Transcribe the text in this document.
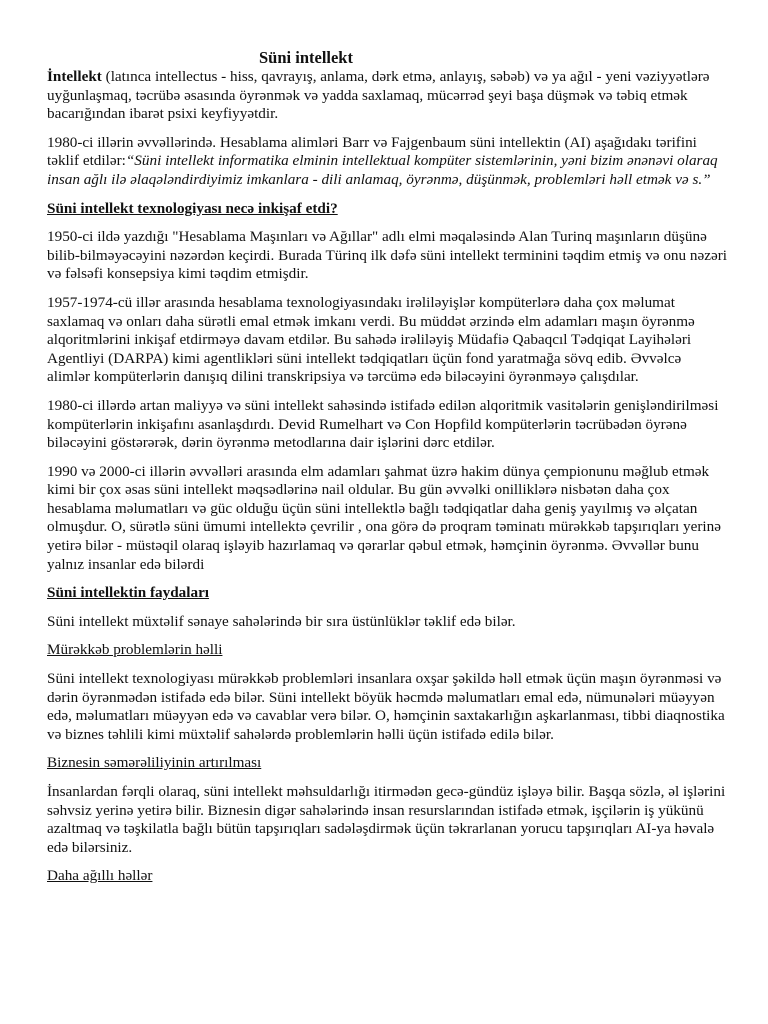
Süni intellekt

İntellekt (latınca intellectus - hiss, qavrayış, anlama, dərk etmə, anlayış, səbəb) və ya ağıl - yeni vəziyyətlərə uyğunlaşmaq, təcrübə əsasında öyrənmək və yadda saxlamaq, mücərrəd şeyi başa düşmək və təbiq etmək bacarığından ibarət psixi keyfiyyətdir.

1980-ci illərin əvvəllərində. Hesablama alimləri Barr və Fajgenbaum süni intellektin (AI) aşağıdakı tərifini təklif etdilər:“Süni intellekt informatika elminin intellektual kompüter sistemlərinin, yəni bizim ənənəvi olaraq insan ağlı ilə əlaqələndirdiyimiz imkanlara - dili anlamaq, öyrənmə, düşünmək, problemləri həll etmək və s.”

Süni intellekt texnologiyası necə inkişaf etdi?

1950-ci ildə yazdığı "Hesablama Maşınları və Ağıllar" adlı elmi məqaləsində Alan Turinq maşınların düşünə bilib-bilməyəcəyini nəzərdən keçirdi. Burada Türinq ilk dəfə süni intellekt terminini təqdim etmiş və onu nəzəri və fəlsəfi konsepsiya kimi təqdim etmişdir.

1957-1974-cü illər arasında hesablama texnologiyasındakı irəliləyişlər kompüterlərə daha çox məlumat saxlamaq və onları daha sürətli emal etmək imkanı verdi. Bu müddət ərzində elm adamları maşın öyrənmə alqoritmlərini inkişaf etdirməyə davam etdilər. Bu sahədə irəliləyiş Müdafiə Qabaqcıl Tədqiqat Layihələri Agentliyi (DARPA) kimi agentlikləri süni intellekt tədqiqatları üçün fond yaratmağa sövq edib. Əvvəlcə alimlər kompüterlərin danışıq dilini transkripsiya və tərcümə edə biləcəyini öyrənməyə çalışdılar.

1980-ci illərdə artan maliyyə və süni intellekt sahəsində istifadə edilən alqoritmik vasitələrin genişləndirilməsi kompüterlərin inkişafını asanlaşdırdı. Devid Rumelhart və Con Hopfild kompüterlərin təcrübədən öyrənə biləcəyini göstərərək, dərin öyrənmə metodlarına dair işlərini dərc etdilər.

1990 və 2000-ci illərin əvvəlləri arasında elm adamları şahmat üzrə hakim dünya çempionunu məğlub etmək kimi bir çox əsas süni intellekt məqsədlərinə nail oldular. Bu gün əvvəlki onilliklərə nisbətən daha çox hesablama məlumatları və güc olduğu üçün süni intellektlə bağlı tədqiqatlar daha geniş yayılmış və əlçatan olmuşdur. O, sürətlə süni ümumi intellektə çevrilir , ona görə də proqram təminatı mürəkkəb tapşırıqları yerinə yetirə bilər - müstəqil olaraq işləyib hazırlamaq və qərarlar qəbul etmək, həmçinin öyrənmə. Əvvəllər bunu yalnız insanlar edə bilərdi

Süni intellektin faydaları

Süni intellekt müxtəlif sənaye sahələrində bir sıra üstünlüklər təklif edə bilər.

Mürəkkəb problemlərin həlli

Süni intellekt texnologiyası mürəkkəb problemləri insanlara oxşar şəkildə həll etmək üçün maşın öyrənməsi və dərin öyrənmədən istifadə edə bilər. Süni intellekt böyük həcmdə məlumatları emal edə, nümunələri müəyyən edə, məlumatları müəyyən edə və cavablar verə bilər. O, həmçinin saxtakarlığın aşkarlanması, tibbi diaqnostika və biznes təhlili kimi müxtəlif sahələrdə problemlərin həlli üçün istifadə edilə bilər.

Biznesin səmərəliliyinin artırılması

İnsanlardan fərqli olaraq, süni intellekt məhsuldarlığı itirmədən gecə-gündüz işləyə bilir. Başqa sözlə, əl işlərini səhvsiz yerinə yetirə bilir. Biznesin digər sahələrində insan resurslarından istifadə etmək, işçilərin iş yükünü azaltmaq və təşkilatla bağlı bütün tapşırıqları sadələşdirmək üçün təkrarlanan yorucu tapşırıqları AI-ya həvalə edə bilərsiniz.

Daha ağıllı həllər
